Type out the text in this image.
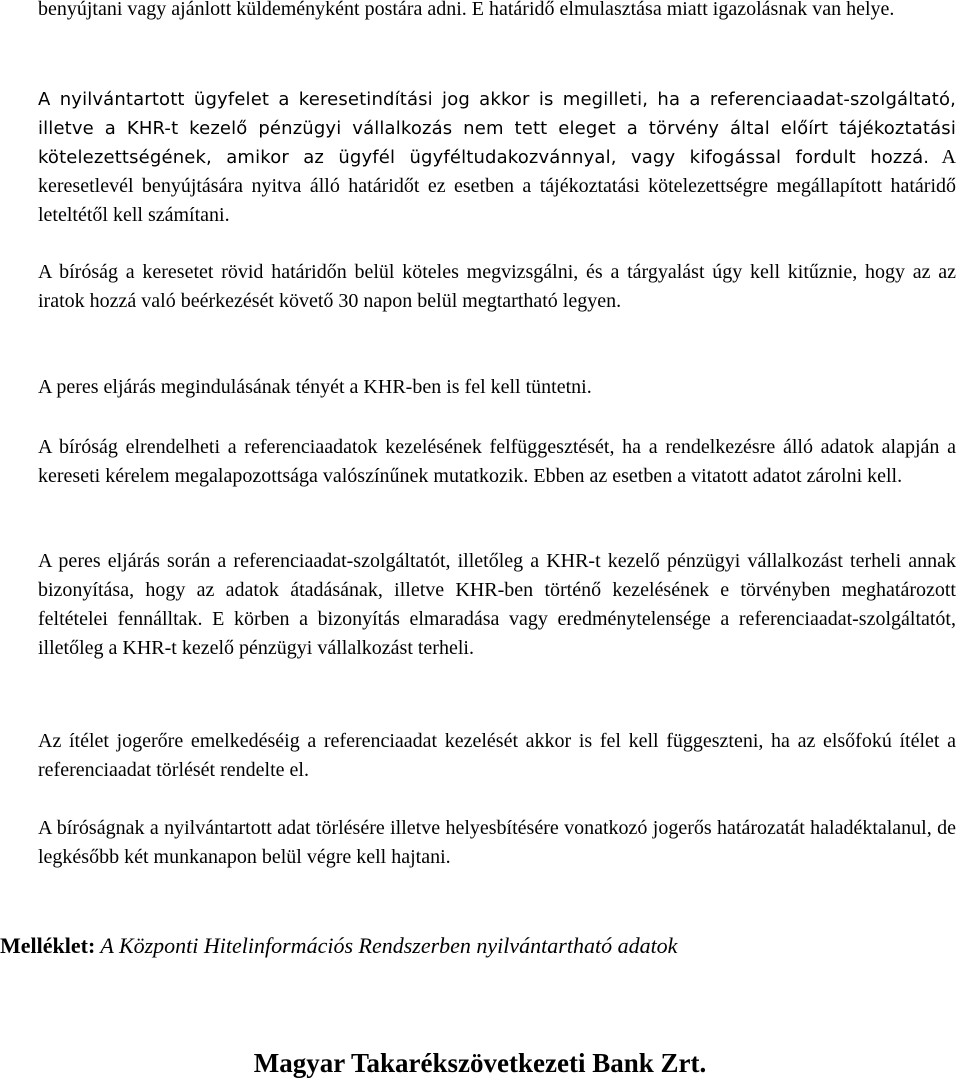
benyújtani vagy ajánlott küldeményként postára adni. E határidő elmulasztása miatt igazolásnak van helye.

A nyilvántartott ügyfelet a keresetindítási jog akkor is megilleti, ha a referenciaadat-szolgáltató, illetve a KHR-t kezelő pénzügyi vállalkozás nem tett eleget a törvény által előírt tájékoztatási kötelezettségének, amikor az ügyfél ügyféltudakozvánnyal, vagy kifogással fordult hozzá. A keresetlevél benyújtására nyitva álló határidőt ez esetben a tájékoztatási kötelezettségre megállapított határidő leteltétől kell számítani.

A bíróság a keresetet rövid határidőn belül köteles megvizsgálni, és a tárgyalást úgy kell kitűznie, hogy az az iratok hozzá való beérkezését követő 30 napon belül megtartható legyen.

A peres eljárás megindulásának tényét a KHR-ben is fel kell tüntetni.

A bíróság elrendelheti a referenciaadatok kezelésének felfüggesztését, ha a rendelkezésre álló adatok alapján a kereseti kérelem megalapozottsága valószínűnek mutatkozik. Ebben az esetben a vitatott adatot zárolni kell.

A peres eljárás során a referenciaadat-szolgáltatót, illetőleg a KHR-t kezelő pénzügyi vállalkozást terheli annak bizonyítása, hogy az adatok átadásának, illetve KHR-ben történő kezelésének e törvényben meghatározott feltételei fennálltak. E körben a bizonyítás elmaradása vagy eredménytelensége a referenciaadat-szolgáltatót, illetőleg a KHR-t kezelő pénzügyi vállalkozást terheli.

Az ítélet jogerőre emelkedéséig a referenciaadat kezelését akkor is fel kell függeszteni, ha az elsőfokú ítélet a referenciaadat törlését rendelte el.

A bíróságnak a nyilvántartott adat törlésére illetve helyesbítésére vonatkozó jogerős határozatát haladéktalanul, de legkésőbb két munkanapon belül végre kell hajtani.

Melléklet: A Központi Hitelinformációs Rendszerben nyilvántartható adatok
Magyar Takarékszövetkezeti Bank Zrt.
